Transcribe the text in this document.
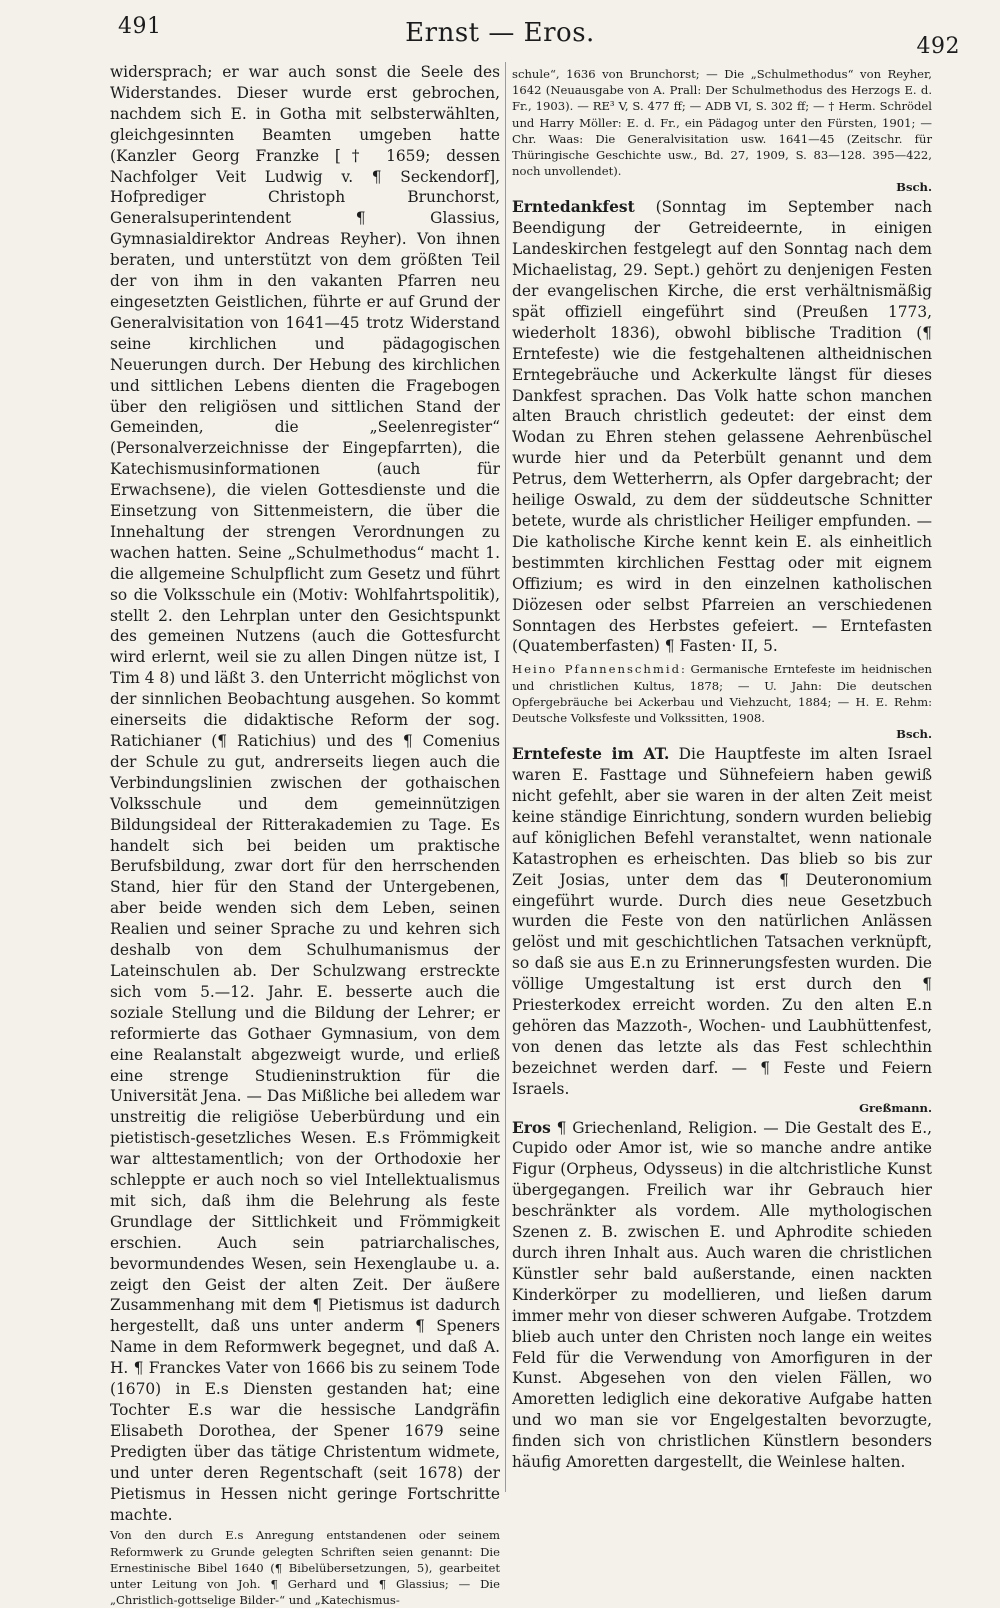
491	Ernst — Eros.	492

widersprach; er war auch sonst die Seele des Widerstandes. Dieser wurde erst gebrochen, nachdem sich E. in Gotha mit selbsterwählten, gleichgesinnten Beamten umgeben hatte (Kanzler Georg Franzke [† 1659; dessen Nachfolger Veit Ludwig v. ¶ Seckendorf], Hofprediger Christoph Brunchorst, Generalsuperintendent ¶ Glassius, Gymnasialdirektor Andreas Reyher). Von ihnen beraten, und unterstützt von dem größten Teil der von ihm in den vakanten Pfarren neu eingesetzten Geistlichen, führte er auf Grund der Generalvisitation von 1641—45 trotz Widerstand seine kirchlichen und pädagogischen Neuerungen durch. Der Hebung des kirchlichen und sittlichen Lebens dienten die Fragebogen über den religiösen und sittlichen Stand der Gemeinden, die „Seelenregister“ (Personalverzeichnisse der Eingepfarrten), die Katechismusinformationen (auch für Erwachsene), die vielen Gottesdienste und die Einsetzung von Sittenmeistern, die über die Innehaltung der strengen Verordnungen zu wachen hatten. Seine „Schulmethodus“ macht 1. die allgemeine Schulpflicht zum Gesetz und führt so die Volksschule ein (Motiv: Wohlfahrtspolitik), stellt 2. den Lehrplan unter den Gesichtspunkt des gemeinen Nutzens (auch die Gottesfurcht wird erlernt, weil sie zu allen Dingen nütze ist, I Tim 4 8) und läßt 3. den Unterricht möglichst von der sinnlichen Beobachtung ausgehen. So kommt einerseits die didaktische Reform der sog. Ratichianer (¶ Ratichius) und des ¶ Comenius der Schule zu gut, andrerseits liegen auch die Verbindungslinien zwischen der gothaischen Volksschule und dem gemeinnützigen Bildungsideal der Ritterakademien zu Tage. Es handelt sich bei beiden um praktische Berufsbildung, zwar dort für den herrschenden Stand, hier für den Stand der Untergebenen, aber beide wenden sich dem Leben, seinen Realien und seiner Sprache zu und kehren sich deshalb von dem Schulhumanismus der Lateinschulen ab. Der Schulzwang erstreckte sich vom 5.—12. Jahr. E. besserte auch die soziale Stellung und die Bildung der Lehrer; er reformierte das Gothaer Gymnasium, von dem eine Realanstalt abgezweigt wurde, und erließ eine strenge Studieninstruktion für die Universität Jena. — Das Mißliche bei alledem war unstreitig die religiöse Ueberbürdung und ein pietistisch-gesetzliches Wesen. E.s Frömmigkeit war alttestamentlich; von der Orthodoxie her schleppte er auch noch so viel Intellektualismus mit sich, daß ihm die Belehrung als feste Grundlage der Sittlichkeit und Frömmigkeit erschien. Auch sein patriarchalisches, bevormundendes Wesen, sein Hexenglaube u. a. zeigt den Geist der alten Zeit. Der äußere Zusammenhang mit dem ¶ Pietismus ist dadurch hergestellt, daß uns unter anderm ¶ Speners Name in dem Reformwerk begegnet, und daß A. H. ¶ Franckes Vater von 1666 bis zu seinem Tode (1670) in E.s Diensten gestanden hat; eine Tochter E.s war die hessische Landgräfin Elisabeth Dorothea, der Spener 1679 seine Predigten über das tätige Christentum widmete, und unter deren Regentschaft (seit 1678) der Pietismus in Hessen nicht geringe Fortschritte machte.

Von den durch E.s Anregung entstandenen oder seinem Reformwerk zu Grunde gelegten Schriften seien genannt: Die Ernestinische Bibel 1640 (¶ Bibelübersetzungen, 5), gearbeitet unter Leitung von Joh. ¶ Gerhard und ¶ Glassius; — Die „Christlich-gottselige Bilder-“ und „Katechismus-

schule“, 1636 von Brunchorst; — Die „Schulmethodus“ von Reyher, 1642 (Neuausgabe von A. Prall: Der Schulmethodus des Herzogs E. d. Fr., 1903). — RE³ V, S. 477 ff; — ADB VI, S. 302 ff; — † Herm. Schrödel und Harry Möller: E. d. Fr., ein Pädagog unter den Fürsten, 1901; — Chr. Waas: Die Generalvisitation usw. 1641—45 (Zeitschr. für Thüringische Geschichte usw., Bd. 27, 1909, S. 83—128. 395—422, noch unvollendet).

Bsch.

Erntedankfest (Sonntag im September nach Beendigung der Getreideernte, in einigen Landeskirchen festgelegt auf den Sonntag nach dem Michaelistag, 29. Sept.) gehört zu denjenigen Festen der evangelischen Kirche, die erst verhältnismäßig spät offiziell eingeführt sind (Preußen 1773, wiederholt 1836), obwohl biblische Tradition (¶ Erntefeste) wie die festgehaltenen altheidnischen Erntegebräuche und Ackerkulte längst für dieses Dankfest sprachen. Das Volk hatte schon manchen alten Brauch christlich gedeutet: der einst dem Wodan zu Ehren stehen gelassene Aehrenbüschel wurde hier und da Peterbült genannt und dem Petrus, dem Wetterherrn, als Opfer dargebracht; der heilige Oswald, zu dem der süddeutsche Schnitter betete, wurde als christlicher Heiliger empfunden. — Die katholische Kirche kennt kein E. als einheitlich bestimmten kirchlichen Festtag oder mit eignem Offizium; es wird in den einzelnen katholischen Diözesen oder selbst Pfarreien an verschiedenen Sonntagen des Herbstes gefeiert. — Erntefasten (Quatemberfasten) ¶ Fasten· II, 5.

Heino Pfannenschmid: Germanische Erntefeste im heidnischen und christlichen Kultus, 1878; — U. Jahn: Die deutschen Opfergebräuche bei Ackerbau und Viehzucht, 1884; — H. E. Rehm: Deutsche Volksfeste und Volkssitten, 1908.

Bsch.

Erntefeste im AT. Die Hauptfeste im alten Israel waren E. Fasttage und Sühnefeiern haben gewiß nicht gefehlt, aber sie waren in der alten Zeit meist keine ständige Einrichtung, sondern wurden beliebig auf königlichen Befehl veranstaltet, wenn nationale Katastrophen es erheischten. Das blieb so bis zur Zeit Josias, unter dem das ¶ Deuteronomium eingeführt wurde. Durch dies neue Gesetzbuch wurden die Feste von den natürlichen Anlässen gelöst und mit geschichtlichen Tatsachen verknüpft, so daß sie aus E.n zu Erinnerungsfesten wurden. Die völlige Umgestaltung ist erst durch den ¶ Priesterkodex erreicht worden. Zu den alten E.n gehören das Mazzoth-, Wochen- und Laubhüttenfest, von denen das letzte als das Fest schlechthin bezeichnet werden darf. — ¶ Feste und Feiern Israels.

Greßmann.

Eros ¶ Griechenland, Religion. — Die Gestalt des E., Cupido oder Amor ist, wie so manche andre antike Figur (Orpheus, Odysseus) in die altchristliche Kunst übergegangen. Freilich war ihr Gebrauch hier beschränkter als vordem. Alle mythologischen Szenen z. B. zwischen E. und Aphrodite schieden durch ihren Inhalt aus. Auch waren die christlichen Künstler sehr bald außerstande, einen nackten Kinderkörper zu modellieren, und ließen darum immer mehr von dieser schweren Aufgabe. Trotzdem blieb auch unter den Christen noch lange ein weites Feld für die Verwendung von Amorfiguren in der Kunst. Abgesehen von den vielen Fällen, wo Amoretten lediglich eine dekorative Aufgabe hatten und wo man sie vor Engelgestalten bevorzugte, finden sich von christlichen Künstlern besonders häufig Amoretten dargestellt, die Weinlese halten.
